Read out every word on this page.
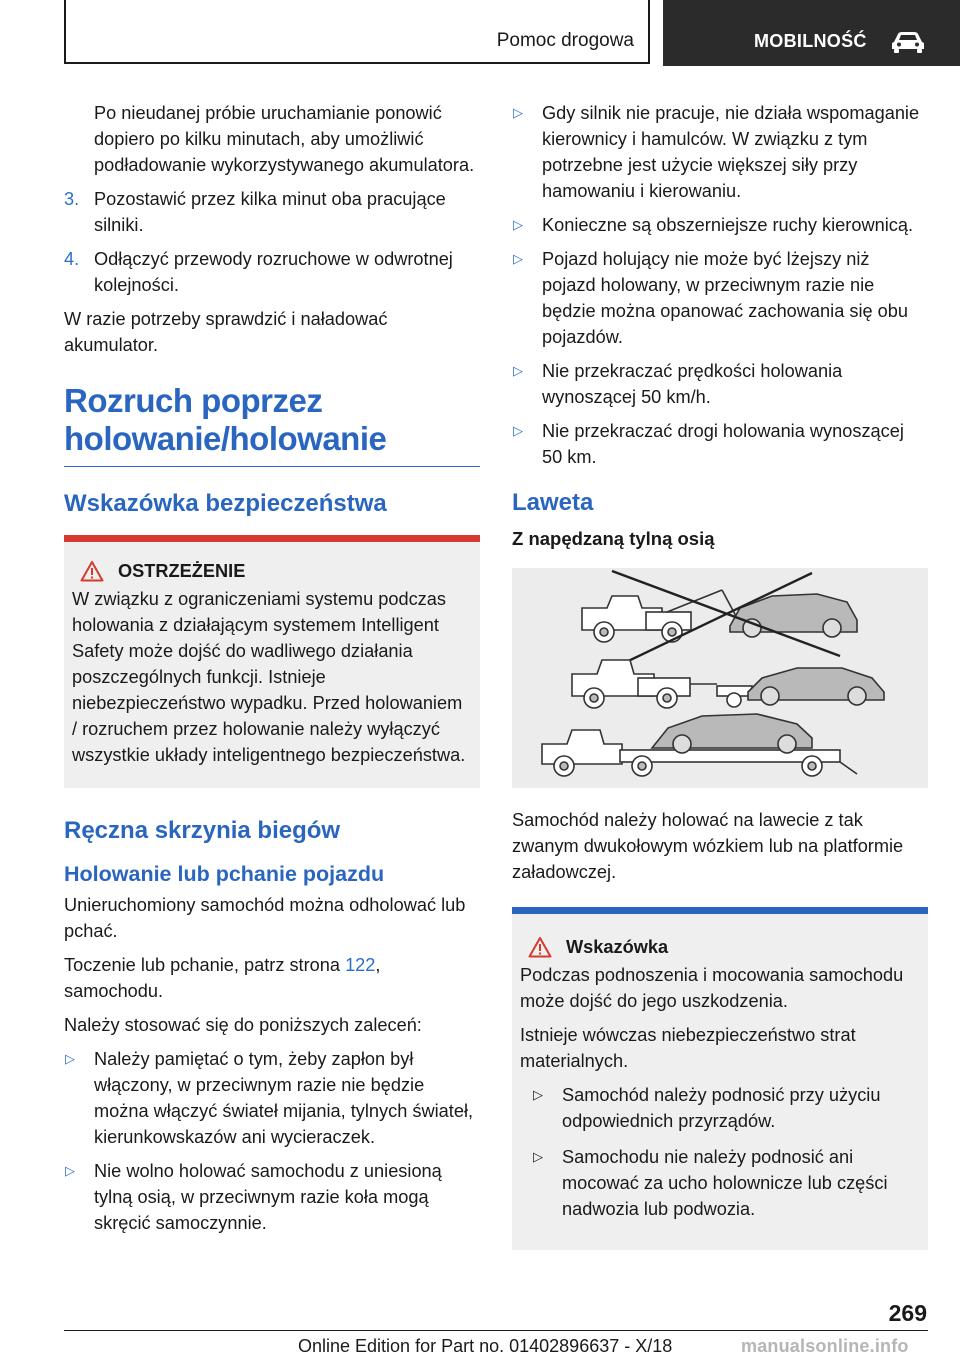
Pomoc drogowa	MOBILNOŚĆ

Po nieudanej próbie uruchamianie ponowić dopiero po kilku minutach, aby umożliwić podładowanie wykorzystywanego akumulatora.

3. Pozostawić przez kilka minut oba pracujące silniki.
4. Odłączyć przewody rozruchowe w odwrotnej kolejności.

W razie potrzeby sprawdzić i naładować akumulator.

Rozruch poprzez holowanie/holowanie
Wskazówka bezpieczeństwa
OSTRZEŻENIE

W związku z ograniczeniami systemu podczas holowania z działającym systemem Intelligent Safety może dojść do wadliwego działania poszczególnych funkcji. Istnieje niebezpieczeństwo wypadku. Przed holowaniem / rozruchem przez holowanie należy wyłączyć wszystkie układy inteligentnego bezpieczeństwa.

Ręczna skrzynia biegów
Holowanie lub pchanie pojazdu

Unieruchomiony samochód można odholować lub pchać.

Toczenie lub pchanie, patrz strona 122, samochodu.

Należy stosować się do poniższych zaleceń:

▷ Należy pamiętać o tym, żeby zapłon był włączony, w przeciwnym razie nie będzie można włączyć świateł mijania, tylnych świateł, kierunkowskazów ani wycieraczek.
▷ Nie wolno holować samochodu z uniesioną tylną osią, w przeciwnym razie koła mogą skręcić samoczynnie.
▷ Gdy silnik nie pracuje, nie działa wspomaganie kierownicy i hamulców. W związku z tym potrzebne jest użycie większej siły przy hamowaniu i kierowaniu.
▷ Konieczne są obszerniejsze ruchy kierownicą.
▷ Pojazd holujący nie może być lżejszy niż pojazd holowany, w przeciwnym razie nie będzie można opanować zachowania się obu pojazdów.
▷ Nie przekraczać prędkości holowania wynoszącej 50 km/h.
▷ Nie przekraczać drogi holowania wynoszącej 50 km.
Laweta
Z napędzaną tylną osią

Samochód należy holować na lawecie z tak zwanym dwukołowym wózkiem lub na platformie załadowczej.

Wskazówka

Podczas podnoszenia i mocowania samochodu może dojść do jego uszkodzenia.

Istnieje wówczas niebezpieczeństwo strat materialnych.

▷ Samochód należy podnosić przy użyciu odpowiednich przyrządów.
▷ Samochodu nie należy podnosić ani mocować za ucho holownicze lub części nadwozia lub podwozia.
269
Online Edition for Part no. 01402896637 - X/18	manualsonline.info
